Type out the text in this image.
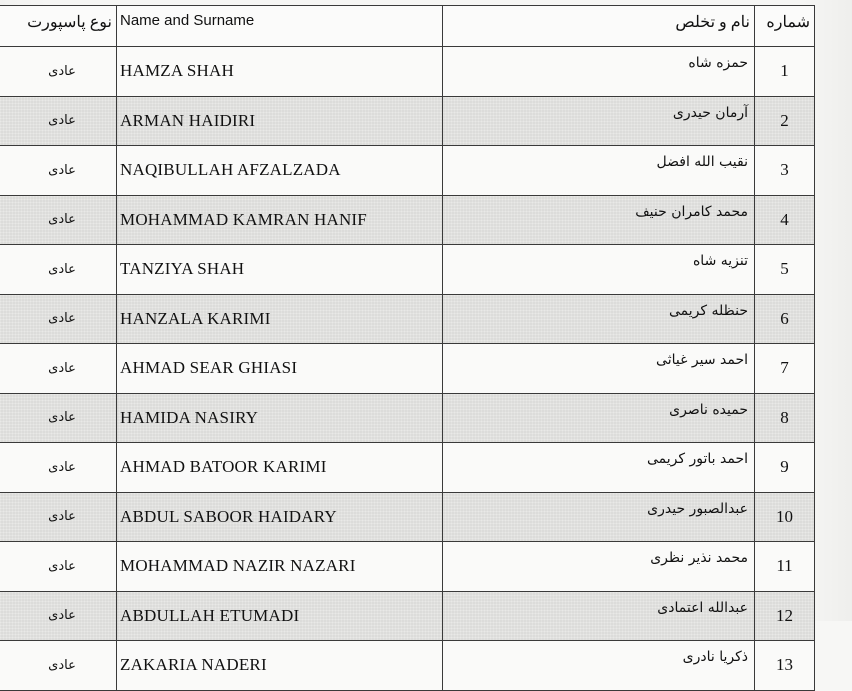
نوع پاسپورت	Name and Surname	نام و تخلص	شماره
عادی	HAMZA SHAH	حمزه شاه	1
عادی	ARMAN HAIDIRI	آرمان حیدری	2
عادی	NAQIBULLAH AFZALZADA	نقیب الله افضل	3
عادی	MOHAMMAD KAMRAN HANIF	محمد کامران حنیف	4
عادی	TANZIYA SHAH	تنزیه شاه	5
عادی	HANZALA KARIMI	حنظله کریمی	6
عادی	AHMAD SEAR GHIASI	احمد سیر غیاثی	7
عادی	HAMIDA NASIRY	حمیده ناصری	8
عادی	AHMAD BATOOR KARIMI	احمد باتور کریمی	9
عادی	ABDUL SABOOR HAIDARY	عبدالصبور حیدری	10
عادی	MOHAMMAD NAZIR NAZARI	محمد نذیر نظری	11
عادی	ABDULLAH ETUMADI	عبدالله اعتمادی	12
عادی	ZAKARIA NADERI	ذکریا نادری	13
